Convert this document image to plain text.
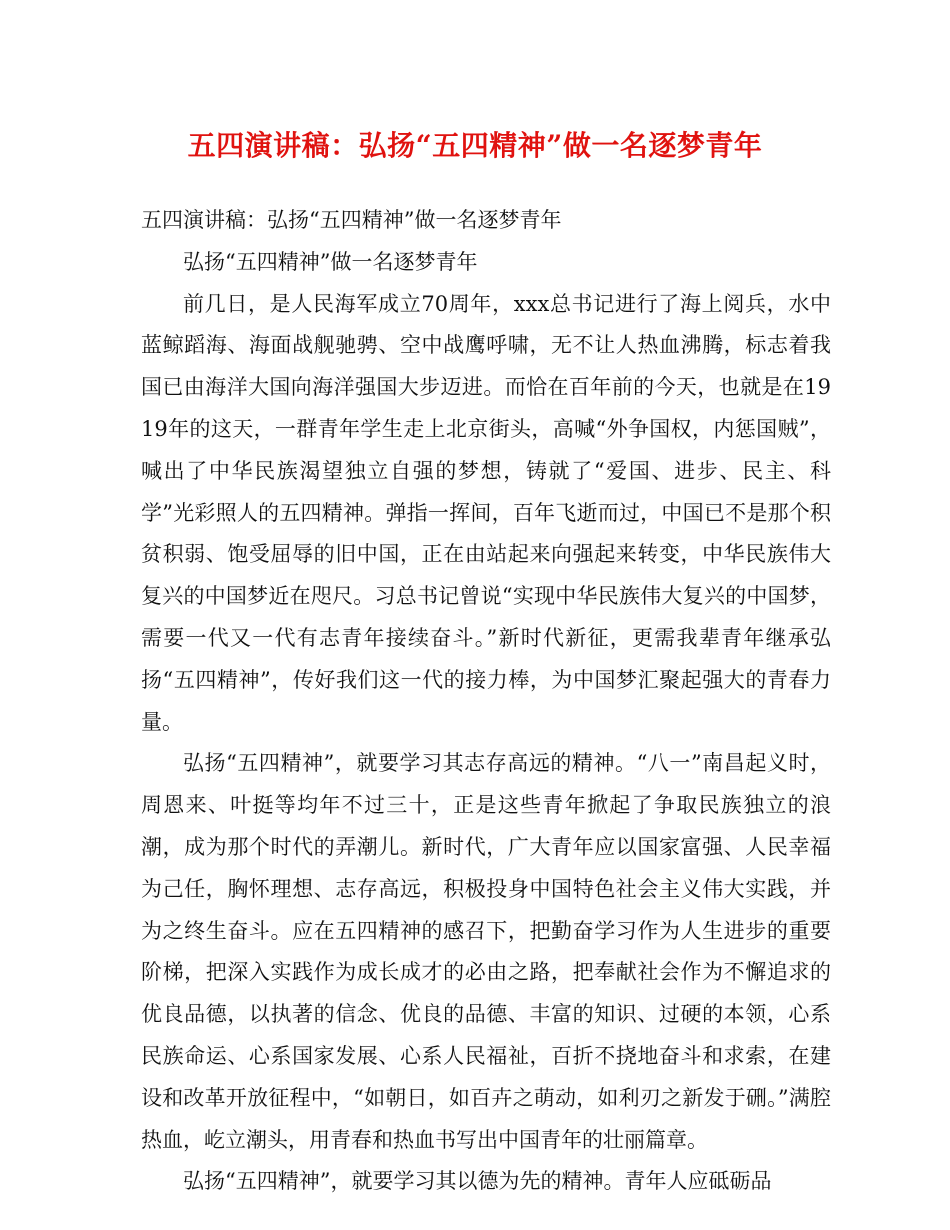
五四演讲稿：弘扬“五四精神”做一名逐梦青年

五四演讲稿：弘扬“五四精神”做一名逐梦青年

弘扬“五四精神”做一名逐梦青年

前几日，是人民海军成立70周年，xxx总书记进行了海上阅兵，水中蓝鲸蹈海、海面战舰驰骋、空中战鹰呼啸，无不让人热血沸腾，标志着我国已由海洋大国向海洋强国大步迈进。而恰在百年前的今天，也就是在1919年的这天，一群青年学生走上北京街头，高喊“外争国权，内惩国贼”，喊出了中华民族渴望独立自强的梦想，铸就了“爱国、进步、民主、科学”光彩照人的五四精神。弹指一挥间，百年飞逝而过，中国已不是那个积贫积弱、饱受屈辱的旧中国，正在由站起来向强起来转变，中华民族伟大复兴的中国梦近在咫尺。习总书记曾说“实现中华民族伟大复兴的中国梦，需要一代又一代有志青年接续奋斗。”新时代新征，更需我辈青年继承弘扬“五四精神”，传好我们这一代的接力棒，为中国梦汇聚起强大的青春力量。

弘扬“五四精神”，就要学习其志存高远的精神。“八一”南昌起义时，周恩来、叶挺等均年不过三十，正是这些青年掀起了争取民族独立的浪潮，成为那个时代的弄潮儿。新时代，广大青年应以国家富强、人民幸福为己任，胸怀理想、志存高远，积极投身中国特色社会主义伟大实践，并为之终生奋斗。应在五四精神的感召下，把勤奋学习作为人生进步的重要阶梯，把深入实践作为成长成才的必由之路，把奉献社会作为不懈追求的优良品德，以执著的信念、优良的品德、丰富的知识、过硬的本领，心系民族命运、心系国家发展、心系人民福祉，百折不挠地奋斗和求索，在建设和改革开放征程中，“如朝日，如百卉之萌动，如利刃之新发于硎。”满腔热血，屹立潮头，用青春和热血书写出中国青年的壮丽篇章。

弘扬“五四精神”，就要学习其以德为先的精神。青年人应砥砺品
